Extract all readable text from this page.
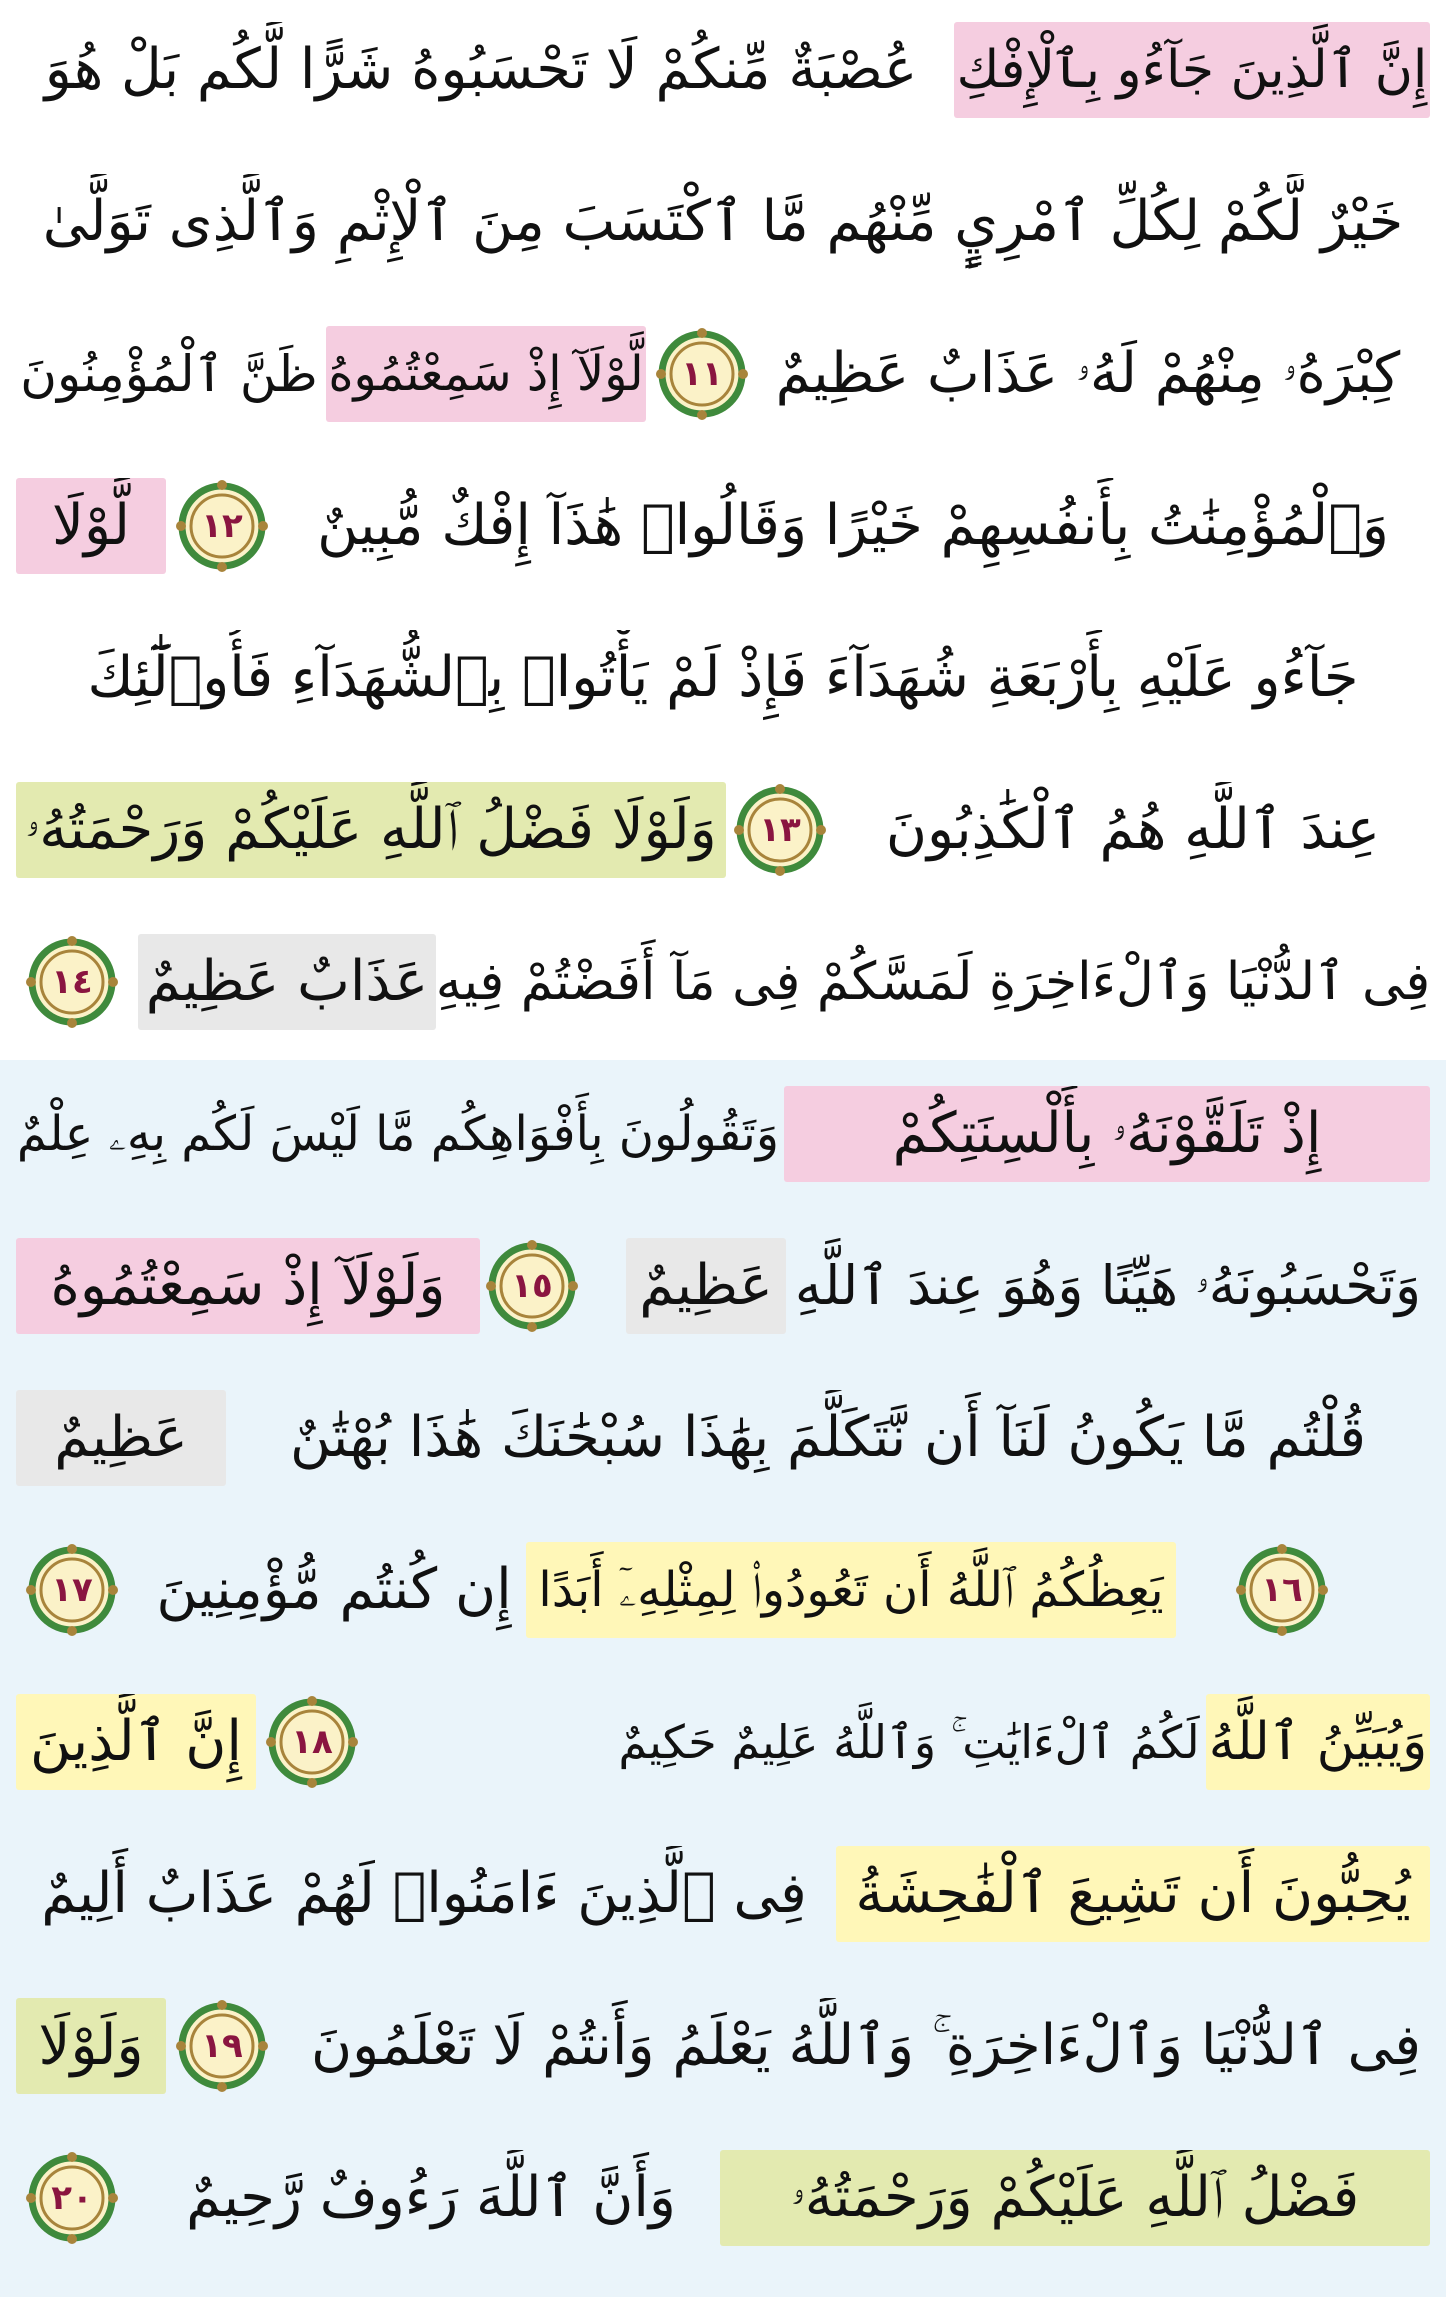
إِنَّ ٱلَّذِينَ جَآءُو بِٱلْإِفْكِ
عُصْبَةٌ مِّنكُمْ لَا تَحْسَبُوهُ شَرًّا لَّكُم بَلْ هُوَ
خَيْرٌ لَّكُمْ لِكُلِّ ٱمْرِيٍٕ مِّنْهُم مَّا ٱكْتَسَبَ مِنَ ٱلْإِثْمِ وَٱلَّذِى تَوَلَّىٰ
كِبْرَهُۥ مِنْهُمْ لَهُۥ عَذَابٌ عَظِيمٌ
لَّوْلَآ إِذْ سَمِعْتُمُوهُ
ظَنَّ ٱلْمُؤْمِنُونَ	١١
وَٱلْمُؤْمِنَٰتُ بِأَنفُسِهِمْ خَيْرًا وَقَالُوا۟ هَٰذَآ إِفْكٌ مُّبِينٌ
لَّوْلَا	١٢
جَآءُو عَلَيْهِ بِأَرْبَعَةِ شُهَدَآءَ فَإِذْ لَمْ يَأْتُوا۟ بِٱلشُّهَدَآءِ فَأُو۟لَٰٓئِكَ
عِندَ ٱللَّهِ هُمُ ٱلْكَٰذِبُونَ
وَلَوْلَا فَضْلُ ٱللَّهِ عَلَيْكُمْ وَرَحْمَتُهُۥ	١٣
فِى ٱلدُّنْيَا وَٱلْءَاخِرَةِ لَمَسَّكُمْ فِى مَآ أَفَضْتُمْ فِيهِ
عَذَابٌ عَظِيمٌ
١٤
إِذْ تَلَقَّوْنَهُۥ بِأَلْسِنَتِكُمْ
وَتَقُولُونَ بِأَفْوَاهِكُم مَّا لَيْسَ لَكُم بِهِۦ عِلْمٌ
وَتَحْسَبُونَهُۥ هَيِّنًا وَهُوَ عِندَ ٱللَّهِ
عَظِيمٌ
وَلَوْلَآ إِذْ سَمِعْتُمُوهُ	١٥
قُلْتُم مَّا يَكُونُ لَنَآ أَن نَّتَكَلَّمَ بِهَٰذَا سُبْحَٰنَكَ هَٰذَا بُهْتَٰنٌ
عَظِيمٌ
يَعِظُكُمُ ٱللَّهُ أَن تَعُودُوا۟ لِمِثْلِهِۦٓ أَبَدًا
إِن كُنتُم مُّؤْمِنِينَ	١٦
١٧
وَيُبَيِّنُ ٱللَّهُ
لَكُمُ ٱلْءَايَٰتِ ۚ وَٱللَّهُ عَلِيمٌ حَكِيمٌ
إِنَّ ٱلَّذِينَ	١٨
يُحِبُّونَ أَن تَشِيعَ ٱلْفَٰحِشَةُ
فِى ٱلَّذِينَ ءَامَنُوا۟ لَهُمْ عَذَابٌ أَلِيمٌ
فِى ٱلدُّنْيَا وَٱلْءَاخِرَةِ ۚ وَٱللَّهُ يَعْلَمُ وَأَنتُمْ لَا تَعْلَمُونَ
وَلَوْلَا	١٩
فَضْلُ ٱللَّهِ عَلَيْكُمْ وَرَحْمَتُهُۥ
وَأَنَّ ٱللَّهَ رَءُوفٌ رَّحِيمٌ
٢٠
